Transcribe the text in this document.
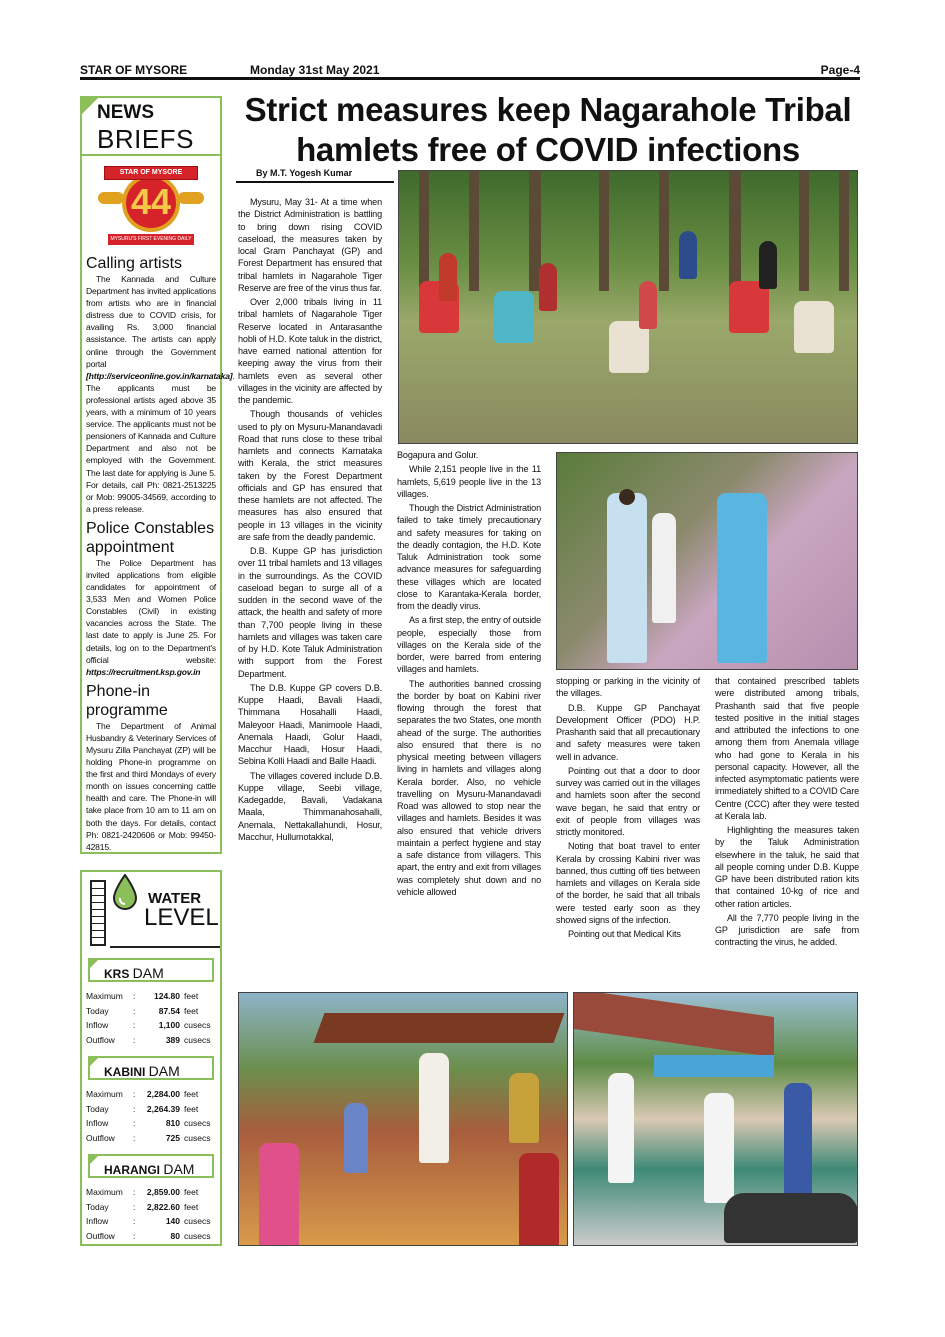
STAR OF MYSORE	Monday 31st May 2021	Page-4
NEWS
BRIEFS
44
STAR OF MYSORE
MYSURU'S FIRST EVENING DAILY
Calling artists

The Kannada and Culture Department has invited applications from artists who are in financial distress due to COVID crisis, for availing Rs. 3,000 financial assistance. The artists can apply online through the Government portal [http://serviceonline.gov.in/karnataka]. The applicants must be professional artists aged above 35 years, with a minimum of 10 years service. The applicants must not be pensioners of Kannada and Culture Department and also not be employed with the Government. The last date for applying is June 5. For details, call Ph: 0821-2513225 or Mob: 99005-34569, according to a press release.

Police Constables appointment

The Police Department has invited applications from eligible candidates for appointment of 3,533 Men and Women Police Constables (Civil) in existing vacancies across the State. The last date to apply is June 25. For details, log on to the Department's official website: https://recruitment.ksp.gov.in

Phone-in programme

The Department of Animal Husbandry & Veterinary Services of Mysuru Zilla Panchayat (ZP) will be holding Phone-in programme on the first and third Mondays of every month on issues concerning cattle health and care. The Phone-in will take place from 10 am to 11 am on both the days. For details, contact Ph: 0821-2420606 or Mob: 99450-42815.

WATER
LEVEL
KRS DAM
Maximum : 124.80 feet
Today	:	87.54 feet
Inflow	:	1,100 cusecs
Outflow :	389 cusecs
KABINI DAM
Maximum : 2,284.00 feet
Today	: 2,264.39 feet
Inflow	:	810 cusecs
Outflow :	725 cusecs
HARANGI DAM
Maximum : 2,859.00 feet
Today	: 2,822.60 feet
Inflow	:	140 cusecs
Outflow :	80 cusecs
Strict measures keep Nagarahole Tribal
hamlets free of COVID infections
By M.T. Yogesh Kumar

Mysuru, May 31- At a time when the District Administration is battling to bring down rising COVID caseload, the measures taken by local Gram Panchayat (GP) and Forest Department has ensured that tribal hamlets in Nagarahole Tiger Reserve are free of the virus thus far.

Over 2,000 tribals living in 11 tribal hamlets of Nagarahole Tiger Reserve located in Antarasanthe hobli of H.D. Kote taluk in the district, have earned national attention for keeping away the virus from their hamlets even as several other villages in the vicinity are affected by the pandemic.

Though thousands of vehicles used to ply on Mysuru-Manandavadi Road that runs close to these tribal hamlets and connects Karnataka with Kerala, the strict measures taken by the Forest Department officials and GP has ensured that these hamlets are not affected. The measures has also ensured that people in 13 villages in the vicinity are safe from the deadly pandemic.

D.B. Kuppe GP has jurisdiction over 11 tribal hamlets and 13 villages in the surroundings. As the COVID caseload began to surge all of a sudden in the second wave of the attack, the health and safety of more than 7,700 people living in these hamlets and villages was taken care of by H.D. Kote Taluk Administration with support from the Forest Department.

The D.B. Kuppe GP covers D.B. Kuppe Haadi, Bavali Haadi, Thimmana Hosahalli Haadi, Maleyoor Haadi, Manimoole Haadi, Anemala Haadi, Golur Haadi, Macchur Haadi, Hosur Haadi, Sebina Kolli Haadi and Balle Haadi.

The villages covered include D.B. Kuppe village, Seebi village, Kadegadde, Bavali, Vadakana Maala, Thimmanahosahalli, Anemala, Nettakallahundi, Hosur, Macchur, Hullumotakkal,

Bogapura and Golur.

While 2,151 people live in the 11 hamlets, 5,619 people live in the 13 villages.

Though the District Administration failed to take timely precautionary and safety measures for taking on the deadly contagion, the H.D. Kote Taluk Administration took some advance measures for safeguarding these villages which are located close to Karantaka-Kerala border, from the deadly virus.

As a first step, the entry of outside people, especially those from villages on the Kerala side of the border, were barred from entering villages and hamlets.

The authorities banned crossing the border by boat on Kabini river flowing through the forest that separates the two States, one month ahead of the surge. The authorities also ensured that there is no physical meeting between villagers living in hamlets and villages along Kerala border. Also, no vehicle travelling on Mysuru-Manandavadi Road was allowed to stop near the villages and hamlets. Besides it was also ensured that vehicle drivers maintain a perfect hygiene and stay a safe distance from villagers. This apart, the entry and exit from villages was completely shut down and no vehicle allowed

stopping or parking in the vicinity of the villages.

D.B. Kuppe GP Panchayat Development Officer (PDO) H.P. Prashanth said that all precautionary and safety measures were taken well in advance.

Pointing out that a door to door survey was carried out in the villages and hamlets soon after the second wave began, he said that entry or exit of people from villages was strictly monitored.

Noting that boat travel to enter Kerala by crossing Kabini river was banned, thus cutting off ties between hamlets and villages on Kerala side of the border, he said that all tribals were tested early soon as they showed signs of the infection.

Pointing out that Medical Kits

that contained prescribed tablets were distributed among tribals, Prashanth said that five people tested positive in the initial stages and attributed the infections to one among them from Anemala village who had gone to Kerala in his personal capacity. However, all the infected asymptomatic patients were immediately shifted to a COVID Care Centre (CCC) after they were tested at Kerala lab.

Highlighting the measures taken by the Taluk Administration elsewhere in the taluk, he said that all people coming under D.B. Kuppe GP have been distributed ration kits that contained 10-kg of rice and other ration articles.

All the 7,770 people living in the GP jurisdiction are safe from contracting the virus, he added.
